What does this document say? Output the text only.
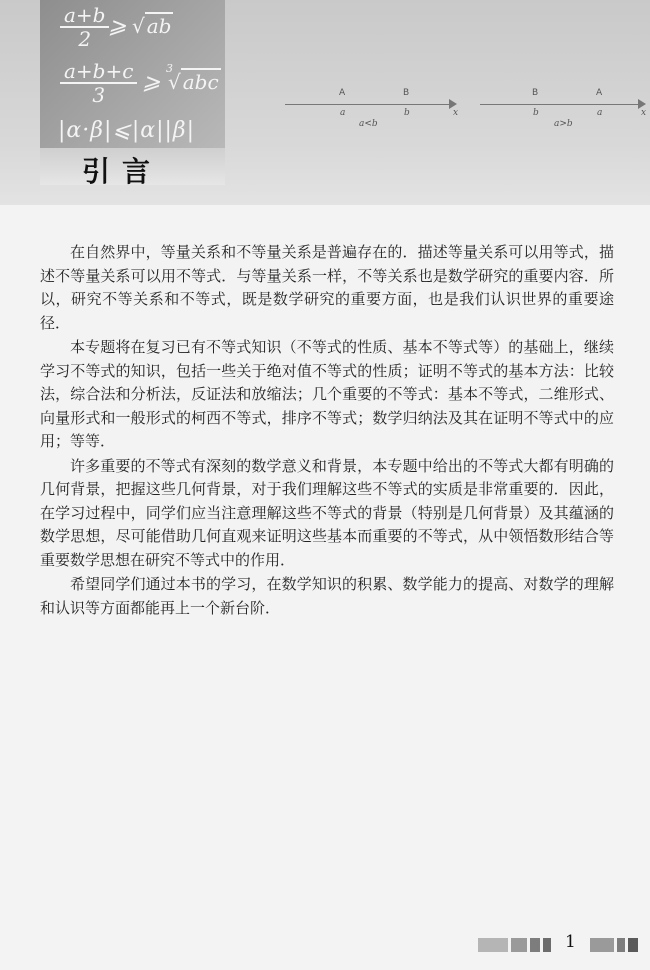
$\frac{a+b}{2}$
⩾ √ ab
$\frac{a+b+c}{3}$ ⩾
3
√ abc
|α·β|⩽|α||β|
引言
A
a
B
b	x
a<b
B
b
A
a	x
a>b

在自然界中，等量关系和不等量关系是普遍存在的．描述等量关系可以用等式，描述不等量关系可以用不等式．与等量关系一样，不等关系也是数学研究的重要内容．所以，研究不等关系和不等式，既是数学研究的重要方面，也是我们认识世界的重要途径．

本专题将在复习已有不等式知识（不等式的性质、基本不等式等）的基础上，继续学习不等式的知识，包括一些关于绝对值不等式的性质；证明不等式的基本方法：比较法，综合法和分析法，反证法和放缩法；几个重要的不等式：基本不等式，二维形式、向量形式和一般形式的柯西不等式，排序不等式；数学归纳法及其在证明不等式中的应用；等等．

许多重要的不等式有深刻的数学意义和背景，本专题中给出的不等式大都有明确的几何背景，把握这些几何背景，对于我们理解这些不等式的实质是非常重要的．因此，在学习过程中，同学们应当注意理解这些不等式的背景（特别是几何背景）及其蕴涵的数学思想，尽可能借助几何直观来证明这些基本而重要的不等式，从中领悟数形结合等重要数学思想在研究不等式中的作用．

希望同学们通过本书的学习，在数学知识的积累、数学能力的提高、对数学的理解和认识等方面都能再上一个新台阶．

1
